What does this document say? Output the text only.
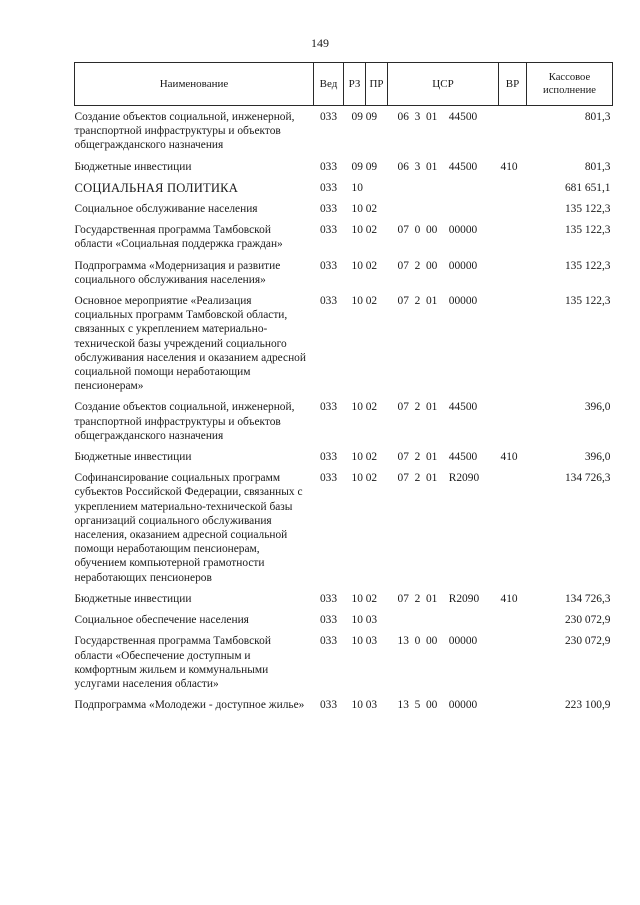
149
Наименование	Вед	РЗ	ПР	ЦСР	ВР	Кассовое исполнение
Создание объектов социальной, инженерной, транспортной инфраструктуры и объектов общегражданского назначения	033	09 09		06  3  01    44500		801,3
Бюджетные инвестиции	033	09 09		06  3  01    44500	410	801,3
СОЦИАЛЬНАЯ ПОЛИТИКА	033	10				681 651,1
Социальное обслуживание населения	033	10 02				135 122,3
Государственная программа Тамбовской области «Социальная поддержка граждан»	033	10 02		07  0  00    00000		135 122,3
Подпрограмма «Модернизация и развитие социального обслуживания населения»	033	10 02		07  2  00    00000		135 122,3
Основное мероприятие «Реализация социальных программ Тамбовской области, связанных с укреплением материально-технической базы учреждений социального обслуживания населения и оказанием адресной социальной помощи неработающим пенсионерам»	033	10 02		07  2  01    00000		135 122,3
Создание объектов социальной, инженерной, транспортной инфраструктуры и объектов общегражданского назначения	033	10 02		07  2  01    44500		396,0
Бюджетные инвестиции	033	10 02		07  2  01    44500	410	396,0
Софинансирование социальных программ субъектов Российской Федерации, связанных с укреплением материально-технической базы организаций социального обслуживания населения, оказанием адресной социальной помощи неработающим пенсионерам, обучением компьютерной грамотности неработающих пенсионеров	033	10 02		07  2  01    R2090		134 726,3
Бюджетные инвестиции	033	10 02		07  2  01    R2090	410	134 726,3
Социальное обеспечение населения	033	10 03				230 072,9
Государственная программа Тамбовской области «Обеспечение доступным и комфортным жильем и коммунальными услугами населения области»	033	10 03		13  0  00    00000		230 072,9
Подпрограмма «Молодежи - доступное жилье»	033	10 03		13  5  00    00000		223 100,9
